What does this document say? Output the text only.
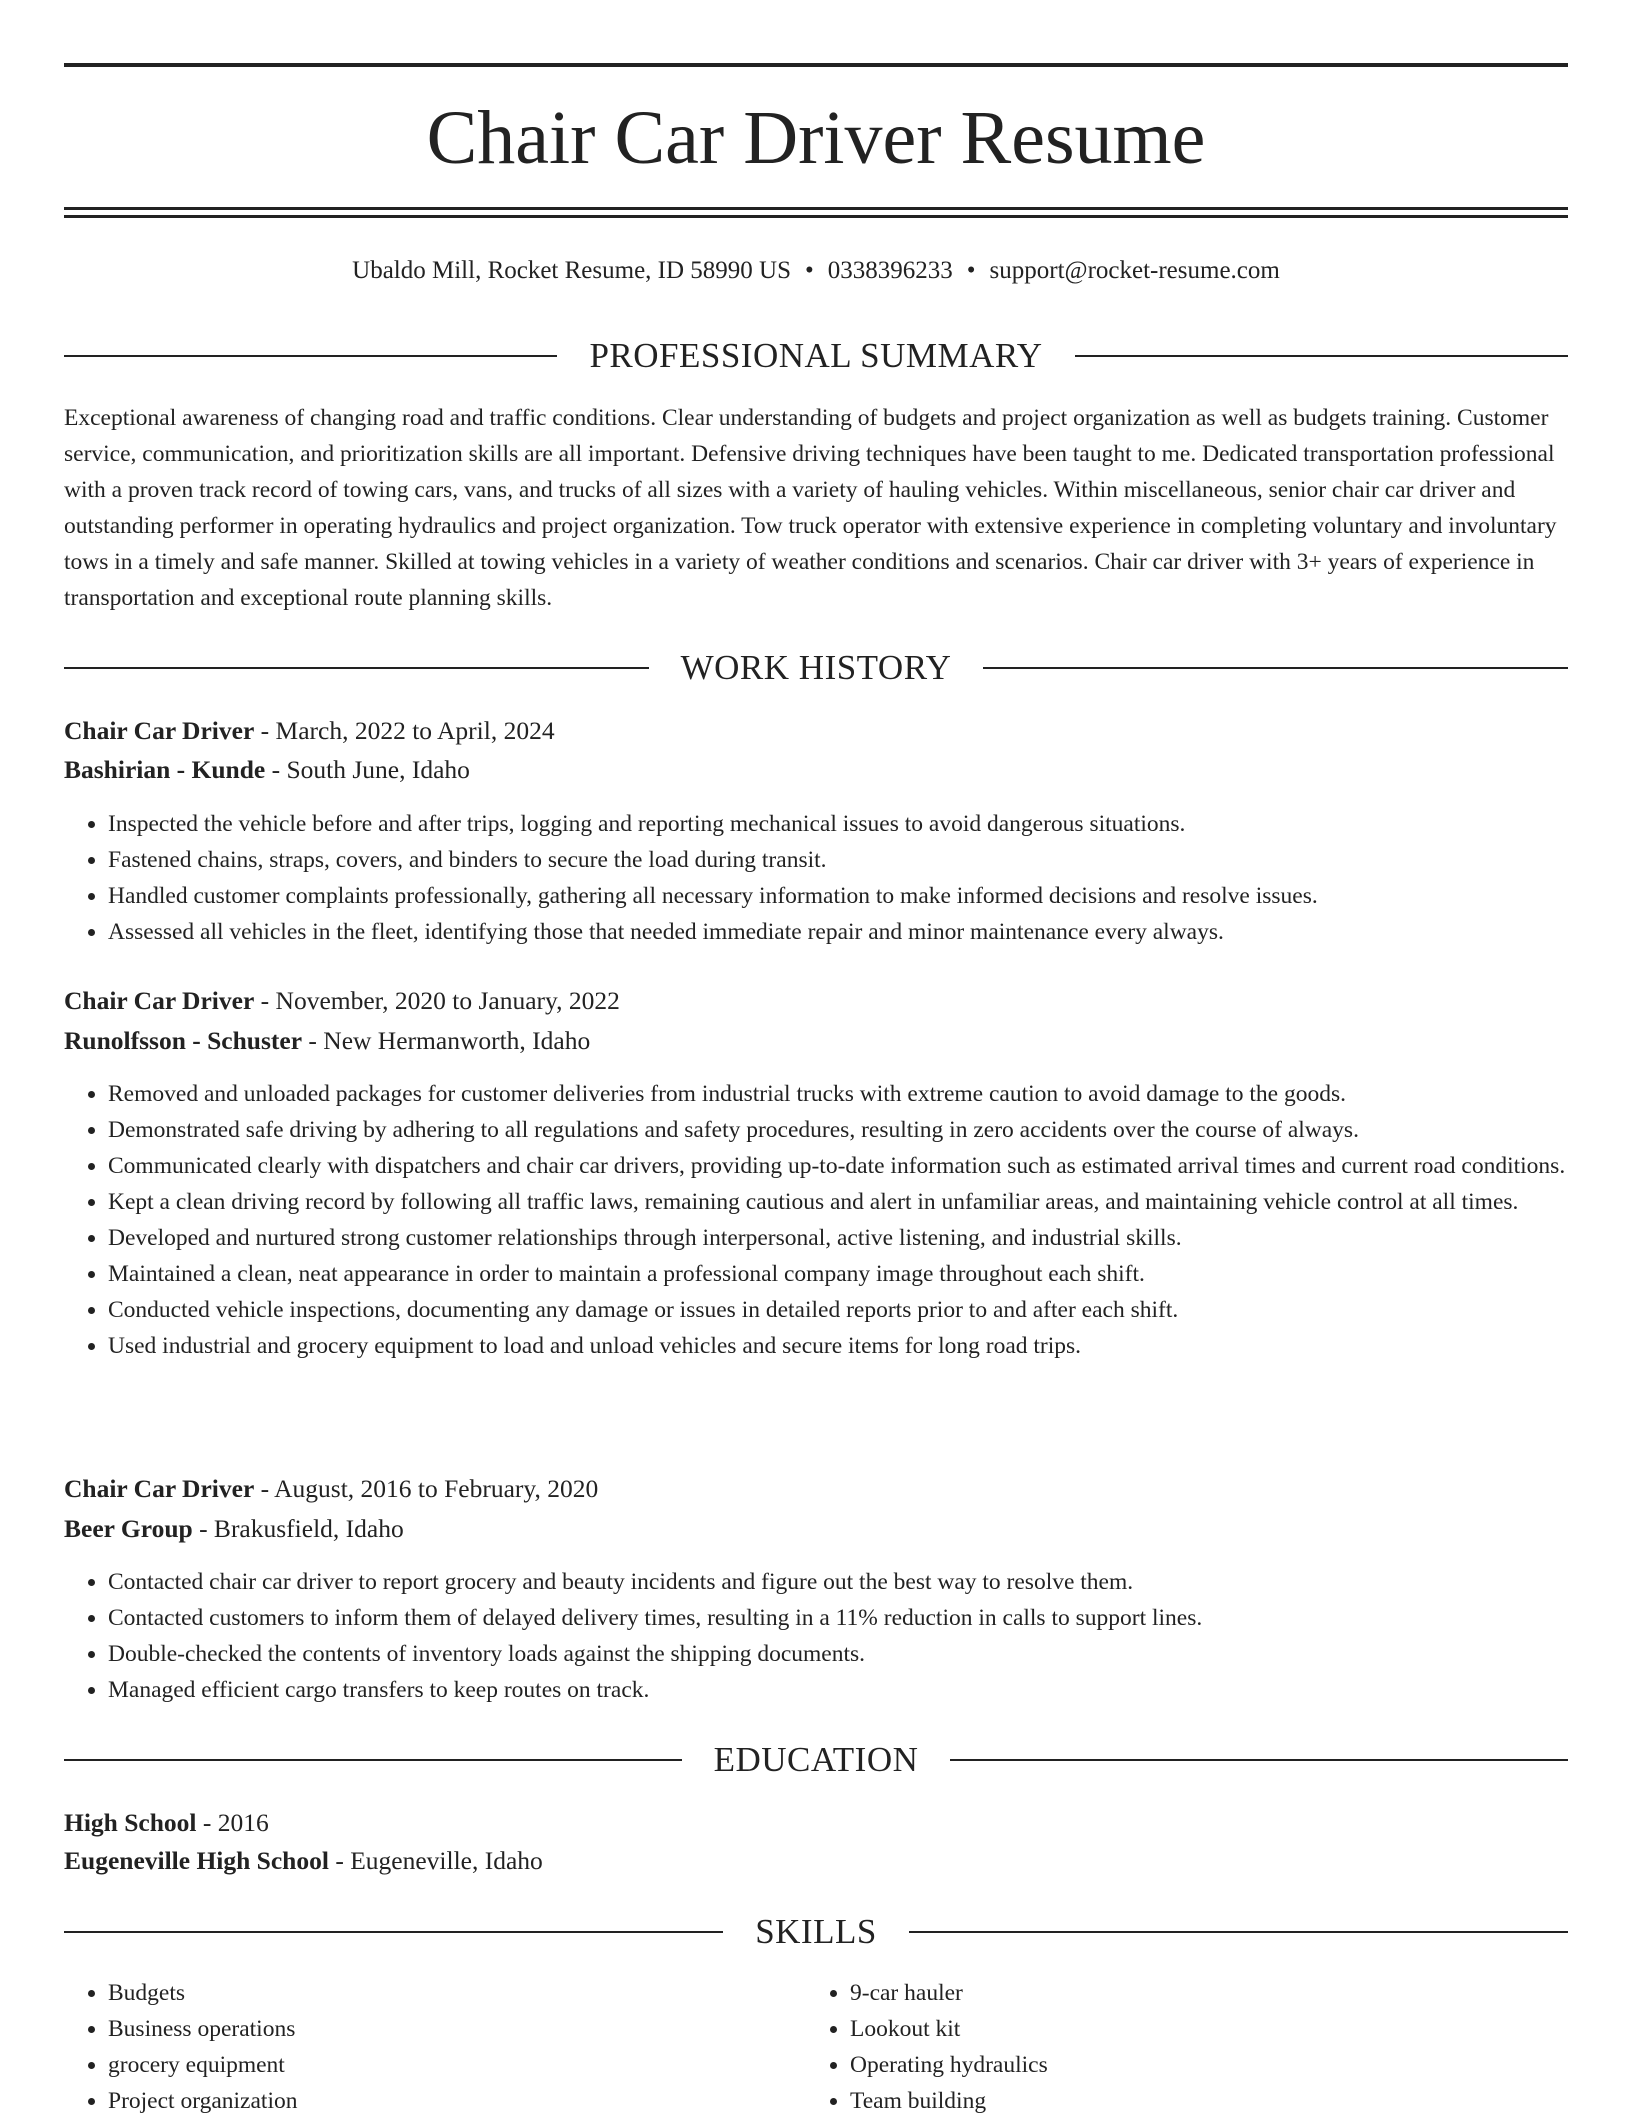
Chair Car Driver Resume
Ubaldo Mill, Rocket Resume, ID 58990 US • 0338396233 • support@rocket-resume.com
PROFESSIONAL SUMMARY
Exceptional awareness of changing road and traffic conditions. Clear understanding of budgets and project organization as well as budgets training. Customer service, communication, and prioritization skills are all important. Defensive driving techniques have been taught to me. Dedicated transportation professional with a proven track record of towing cars, vans, and trucks of all sizes with a variety of hauling vehicles. Within miscellaneous, senior chair car driver and outstanding performer in operating hydraulics and project organization. Tow truck operator with extensive experience in completing voluntary and involuntary tows in a timely and safe manner. Skilled at towing vehicles in a variety of weather conditions and scenarios. Chair car driver with 3+ years of experience in transportation and exceptional route planning skills.
WORK HISTORY
Chair Car Driver - March, 2022 to April, 2024
Bashirian - Kunde - South June, Idaho
• Inspected the vehicle before and after trips, logging and reporting mechanical issues to avoid dangerous situations.
• Fastened chains, straps, covers, and binders to secure the load during transit.
• Handled customer complaints professionally, gathering all necessary information to make informed decisions and resolve issues.
• Assessed all vehicles in the fleet, identifying those that needed immediate repair and minor maintenance every always.
Chair Car Driver - November, 2020 to January, 2022
Runolfsson - Schuster - New Hermanworth, Idaho
• Removed and unloaded packages for customer deliveries from industrial trucks with extreme caution to avoid damage to the goods.
• Demonstrated safe driving by adhering to all regulations and safety procedures, resulting in zero accidents over the course of always.
• Communicated clearly with dispatchers and chair car drivers, providing up-to-date information such as estimated arrival times and current road conditions.
• Kept a clean driving record by following all traffic laws, remaining cautious and alert in unfamiliar areas, and maintaining vehicle control at all times.
• Developed and nurtured strong customer relationships through interpersonal, active listening, and industrial skills.
• Maintained a clean, neat appearance in order to maintain a professional company image throughout each shift.
• Conducted vehicle inspections, documenting any damage or issues in detailed reports prior to and after each shift.
• Used industrial and grocery equipment to load and unload vehicles and secure items for long road trips.
Chair Car Driver - August, 2016 to February, 2020
Beer Group - Brakusfield, Idaho
• Contacted chair car driver to report grocery and beauty incidents and figure out the best way to resolve them.
• Contacted customers to inform them of delayed delivery times, resulting in a 11% reduction in calls to support lines.
• Double-checked the contents of inventory loads against the shipping documents.
• Managed efficient cargo transfers to keep routes on track.
EDUCATION
High School - 2016
Eugeneville High School - Eugeneville, Idaho
SKILLS
• Budgets
• Business operations
• grocery equipment
• Project organization
• 9-car hauler
• Lookout kit
• Operating hydraulics
• Team building
